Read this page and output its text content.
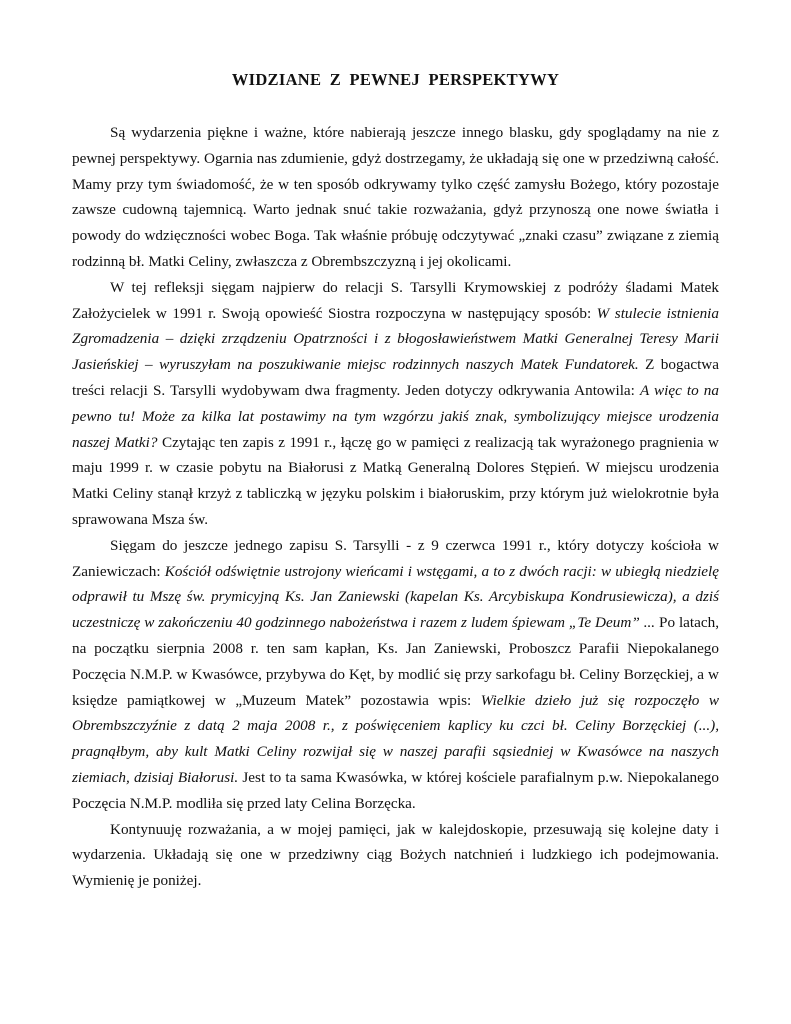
WIDZIANE Z PEWNEJ PERSPEKTYWY

Są wydarzenia piękne i ważne, które nabierają jeszcze innego blasku, gdy spoglądamy na nie z pewnej perspektywy. Ogarnia nas zdumienie, gdyż dostrzegamy, że układają się one w przedziwną całość. Mamy przy tym świadomość, że w ten sposób odkrywamy tylko część zamysłu Bożego, który pozostaje zawsze cudowną tajemnicą. Warto jednak snuć takie rozważania, gdyż przynoszą one nowe światła i powody do wdzięczności wobec Boga. Tak właśnie próbuję odczytywać „znaki czasu” związane z ziemią rodzinną bł. Matki Celiny, zwłaszcza z Obrembszczyzną i jej okolicami.

W tej refleksji sięgam najpierw do relacji S. Tarsylli Krymowskiej z podróży śladami Matek Założycielek w 1991 r. Swoją opowieść Siostra rozpoczyna w następujący sposób: W stulecie istnienia Zgromadzenia – dzięki zrządzeniu Opatrzności i z błogosławieństwem Matki Generalnej Teresy Marii Jasieńskiej – wyruszyłam na poszukiwanie miejsc rodzinnych naszych Matek Fundatorek. Z bogactwa treści relacji S. Tarsylli wydobywam dwa fragmenty. Jeden dotyczy odkrywania Antowila: A więc to na pewno tu! Może za kilka lat postawimy na tym wzgórzu jakiś znak, symbolizujący miejsce urodzenia naszej Matki? Czytając ten zapis z 1991 r., łączę go w pamięci z realizacją tak wyrażonego pragnienia w maju 1999 r. w czasie pobytu na Białorusi z Matką Generalną Dolores Stępień. W miejscu urodzenia Matki Celiny stanął krzyż z tabliczką w języku polskim i białoruskim, przy którym już wielokrotnie była sprawowana Msza św.

Sięgam do jeszcze jednego zapisu S. Tarsylli - z 9 czerwca 1991 r., który dotyczy kościoła w Zaniewiczach: Kościół odświętnie ustrojony wieńcami i wstęgami, a to z dwóch racji: w ubiegłą niedzielę odprawił tu Mszę św. prymicyjną Ks. Jan Zaniewski (kapelan Ks. Arcybiskupa Kondrusiewicza), a dziś uczestniczę w zakończeniu 40 godzinnego nabożeństwa i razem z ludem śpiewam „Te Deum” ... Po latach, na początku sierpnia 2008 r. ten sam kapłan, Ks. Jan Zaniewski, Proboszcz Parafii Niepokalanego Poczęcia N.M.P. w Kwasówce, przybywa do Kęt, by modlić się przy sarkofagu bł. Celiny Borzęckiej, a w księdze pamiątkowej w „Muzeum Matek” pozostawia wpis: Wielkie dzieło już się rozpoczęło w Obrembszczyźnie z datą 2 maja 2008 r., z poświęceniem kaplicy ku czci bł. Celiny Borzęckiej (...), pragnąłbym, aby kult Matki Celiny rozwijał się w naszej parafii sąsiedniej w Kwasówce na naszych ziemiach, dzisiaj Białorusi. Jest to ta sama Kwasówka, w której kościele parafialnym p.w. Niepokalanego Poczęcia N.M.P. modliła się przed laty Celina Borzęcka.

Kontynuuję rozważania, a w mojej pamięci, jak w kalejdoskopie, przesuwają się kolejne daty i wydarzenia. Układają się one w przedziwny ciąg Bożych natchnień i ludzkiego ich podejmowania. Wymienię je poniżej.
